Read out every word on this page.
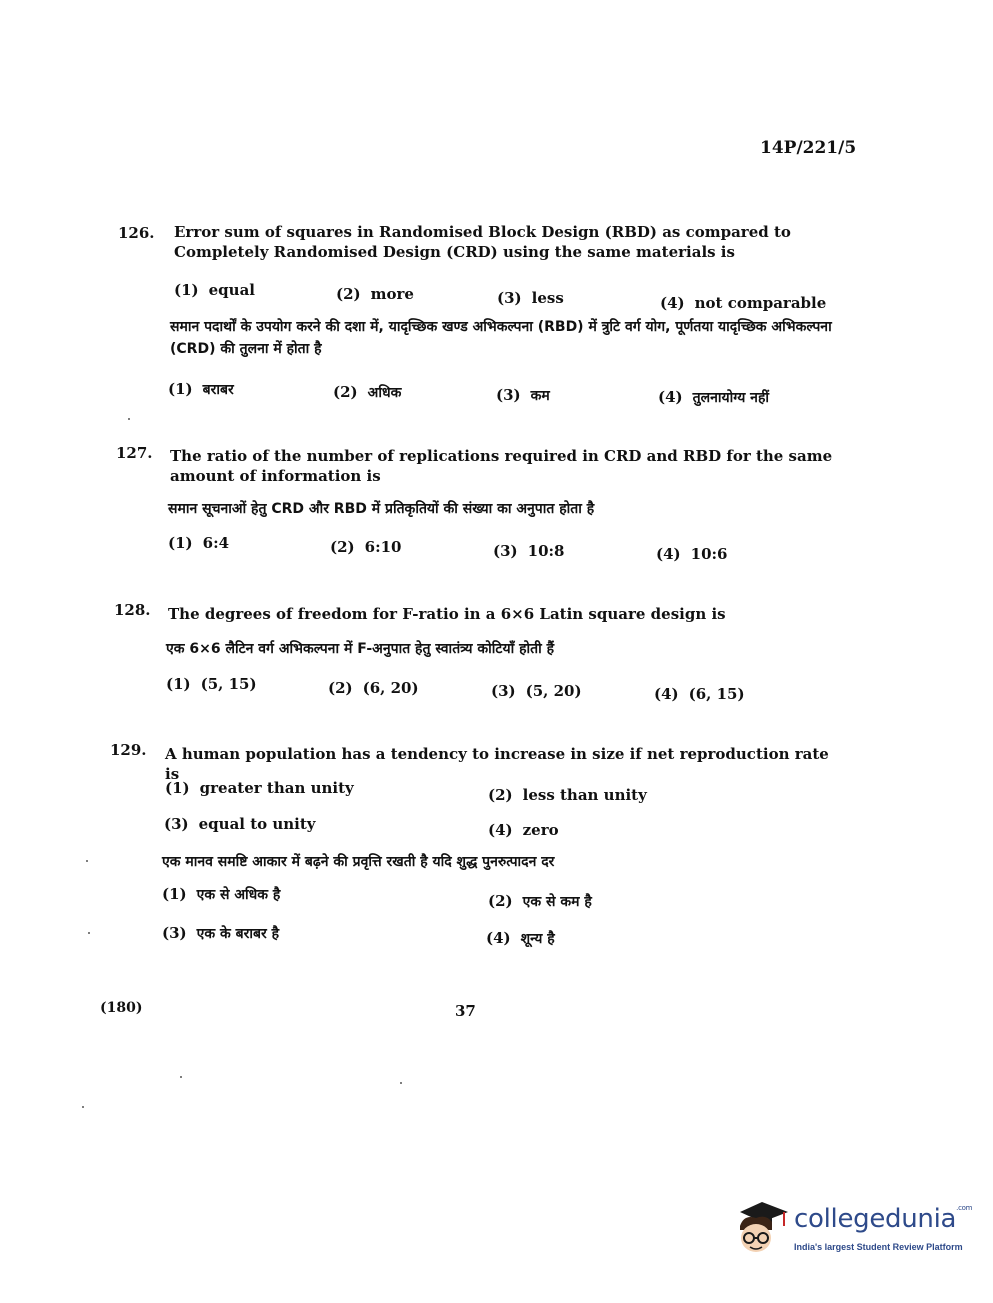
14P/221/5
126. Error sum of squares in Randomised Block Design (RBD) as compared to Completely Randomised Design (CRD) using the same materials is
(1) equal	(2) more	(3) less	(4) not comparable
समान पदार्थों के उपयोग करने की दशा में, यादृच्छिक खण्ड अभिकल्पना (RBD) में त्रुटि वर्ग योग, पूर्णतया यादृच्छिक अभिकल्पना (CRD) की तुलना में होता है
(1) बराबर	(2) अधिक	(3) कम	(4) तुलनायोग्य नहीं
127. The ratio of the number of replications required in CRD and RBD for the same amount of information is
समान सूचनाओं हेतु CRD और RBD में प्रतिकृतियों की संख्या का अनुपात होता है
(1) 6:4	(2) 6:10	(3) 10:8	(4) 10:6
128. The degrees of freedom for F-ratio in a 6×6 Latin square design is
एक 6×6 लैटिन वर्ग अभिकल्पना में F-अनुपात हेतु स्वातंत्र्य कोटियाँ होती हैं
(1) (5, 15)	(2) (6, 20)	(3) (5, 20)	(4) (6, 15)
129. A human population has a tendency to increase in size if net reproduction rate is
(1) greater than unity	(2) less than unity
(3) equal to unity	(4) zero
एक मानव समष्टि आकार में बढ़ने की प्रवृत्ति रखती है यदि शुद्ध पुनरुत्पादन दर
(1) एक से अधिक है	(2) एक से कम है
(3) एक के बराबर है	(4) शून्य है
(180)	37
collegedunia$^{.com}$
India's largest Student Review Platform
